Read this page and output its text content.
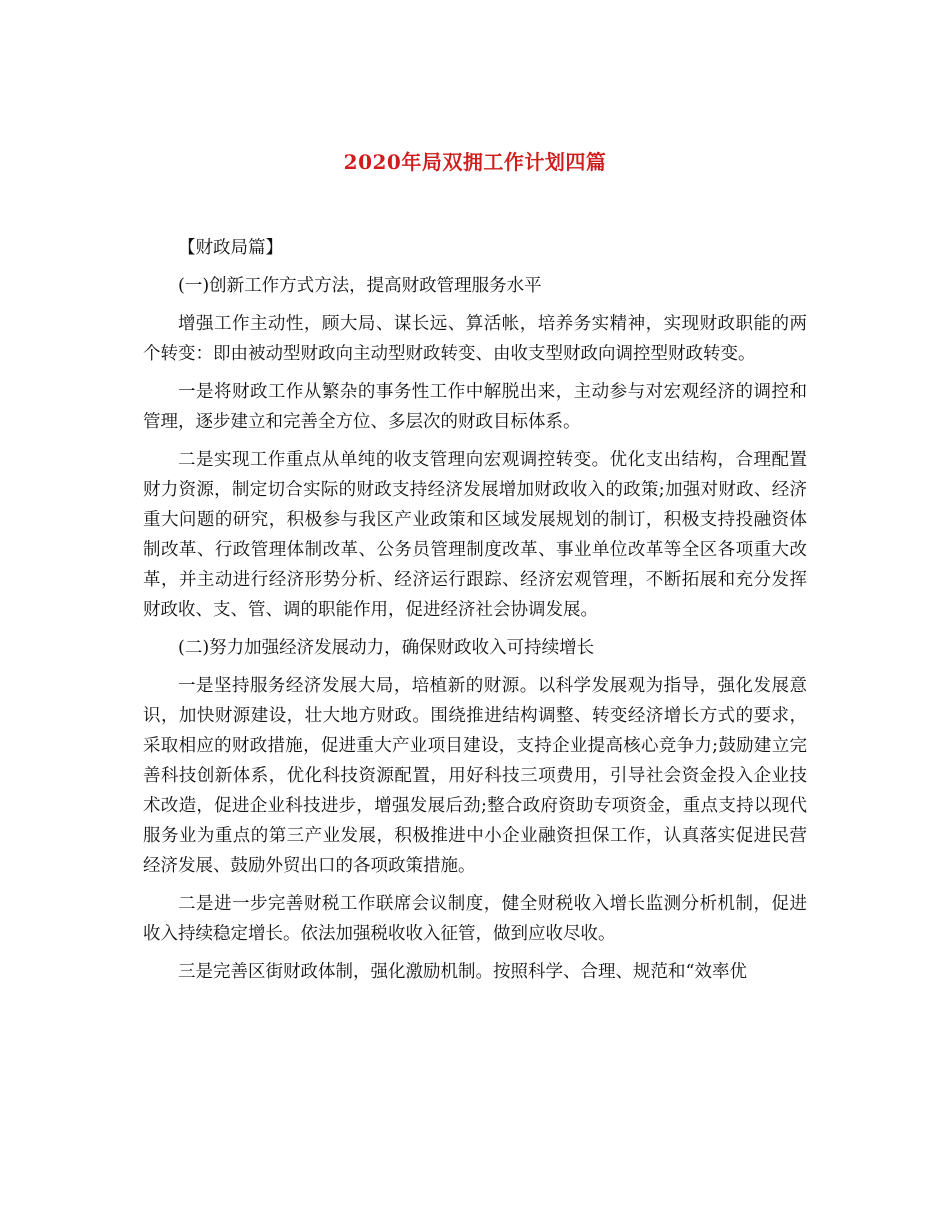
2020年局双拥工作计划四篇

【财政局篇】

(一)创新工作方式方法，提高财政管理服务水平

增强工作主动性，顾大局、谋长远、算活帐，培养务实精神，实现财政职能的两个转变：即由被动型财政向主动型财政转变、由收支型财政向调控型财政转变。

一是将财政工作从繁杂的事务性工作中解脱出来，主动参与对宏观经济的调控和管理，逐步建立和完善全方位、多层次的财政目标体系。

二是实现工作重点从单纯的收支管理向宏观调控转变。优化支出结构，合理配置财力资源，制定切合实际的财政支持经济发展增加财政收入的政策;加强对财政、经济重大问题的研究，积极参与我区产业政策和区域发展规划的制订，积极支持投融资体制改革、行政管理体制改革、公务员管理制度改革、事业单位改革等全区各项重大改革，并主动进行经济形势分析、经济运行跟踪、经济宏观管理，不断拓展和充分发挥财政收、支、管、调的职能作用，促进经济社会协调发展。

(二)努力加强经济发展动力，确保财政收入可持续增长

一是坚持服务经济发展大局，培植新的财源。以科学发展观为指导，强化发展意识，加快财源建设，壮大地方财政。围绕推进结构调整、转变经济增长方式的要求，采取相应的财政措施，促进重大产业项目建设，支持企业提高核心竞争力;鼓励建立完善科技创新体系，优化科技资源配置，用好科技三项费用，引导社会资金投入企业技术改造，促进企业科技进步，增强发展后劲;整合政府资助专项资金，重点支持以现代服务业为重点的第三产业发展，积极推进中小企业融资担保工作，认真落实促进民营经济发展、鼓励外贸出口的各项政策措施。

二是进一步完善财税工作联席会议制度，健全财税收入增长监测分析机制，促进收入持续稳定增长。依法加强税收收入征管，做到应收尽收。

三是完善区街财政体制，强化激励机制。按照科学、合理、规范和“效率优
